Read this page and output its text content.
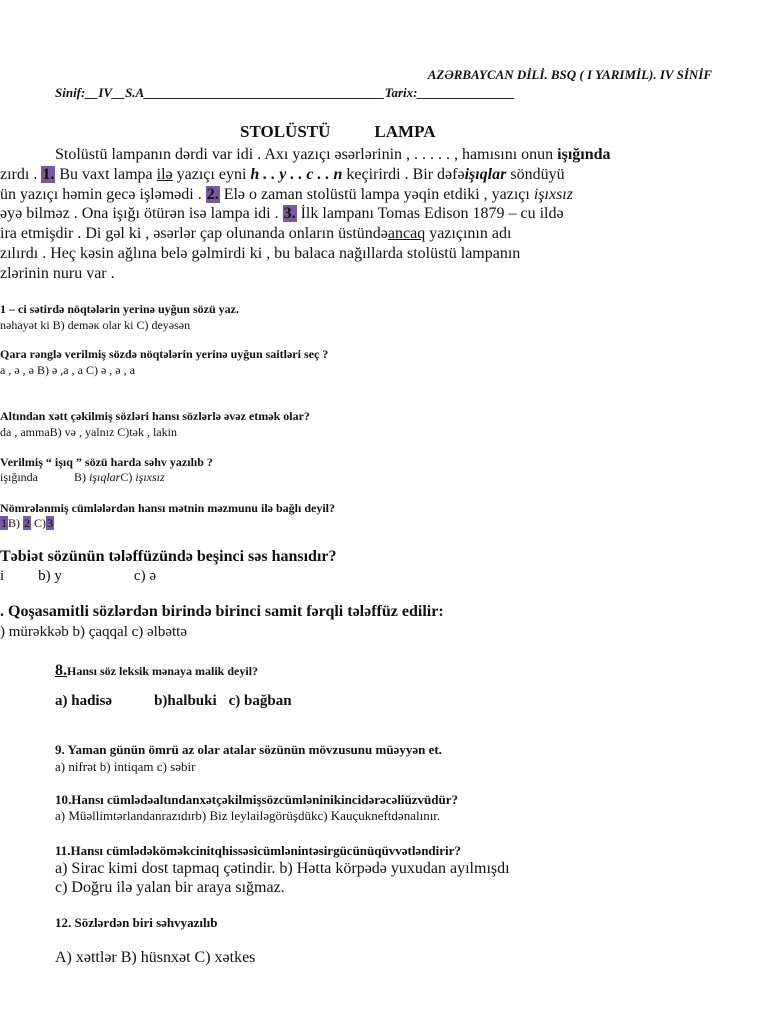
AZƏRBAYCAN DİLİ. BSQ ( I YARIMİL). IV SİNİF
Sinif:__IV__S.A_____________________________________Tarix:_______________
STOLÜSTÜ	LAMPA
Stolüstü lampanın dərdi var idi . Axı yazıçı əsərlərinin , . . . . . , hamısını onun işığında
zırdı . 1. Bu vaxt lampa ilə yazıçı eyni h . . y . . c . . n keçirirdi . Bir dəfəişıqlar söndüyü
ün yazıçı həmin gecə işləmədi . 2. Elə o zaman stolüstü lampa yəqin etdiki , yazıçı işıxsız
əyə bilməz . Ona işığı ötürən isə lampa idi . 3. İlk lampanı Tomas Edison 1879 – cu ildə
ira etmişdir . Di gəl ki , əsərlər çap olunanda onların üstündəancaq yazıçının adı
zılırdı . Heç kəsin ağlına belə gəlmirdi ki , bu balaca nağıllarda stolüstü lampanın
zlərinin nuru var .
1 – ci sətirdə nöqtələrin yerinə uyğun sözü yaz.
nəhayət ki B) deməк olar ki C) deyəsən
Qara rənglə verilmiş sözdə nöqtələrin yerinə uyğun saitləri seç ?
a , ə , ə B) ə ,a , a C) ə , ə , a
Altından xətt çəkilmiş sözləri hansı sözlərlə əvəz etmək olar?
da , ammaB) və , yalnız C)tək , lakin
Verilmiş “ işıq ” sözü harda səhv yazılıb ?
işığında	B) işıqlarC) işıxsız
Nömrələnmiş cümlələrdən hansı mətnin məzmunu ilə bağlı deyil?
1B) 2 C)3
Təbiət sözünün tələffüzündə beşinci səs hansıdır?
i b) y	c) ə
. Qoşasamitli sözlərdən birində birinci samit fərqli tələffüz edilir:
) mürəkkəb b) çaqqal c) əlbəttə
8.Hansı söz leksik mənaya malik deyil?
a) hadisə	b)halbuki c) bağban
9. Yaman günün ömrü az olar atalar sözünün mövzusunu müəyyən et.
a) nifrət b) intiqam c) səbir
10.Hansı cümlədəaltındanxətçəkilmişsözcümləninikincidərəcəliüzvüdür?
a) Müəllimtərlandanrazıdırb) Biz leylailəgörüşdükc) Kauçukneftdənalınır.
11.Hansı cümlədəkömək​cinitqhissəsicümlənintəsirgücünüqüvvətləndirir?
a) Sirac kimi dost tapmaq çətindir. b) Hətta körpədə yuxudan ayılmışdı
c) Doğru ilə yalan bir araya sığmaz.
12. Sözlərdən biri səhvyazılıb
A) xəttlər B) hüsnxət C) xətkes
